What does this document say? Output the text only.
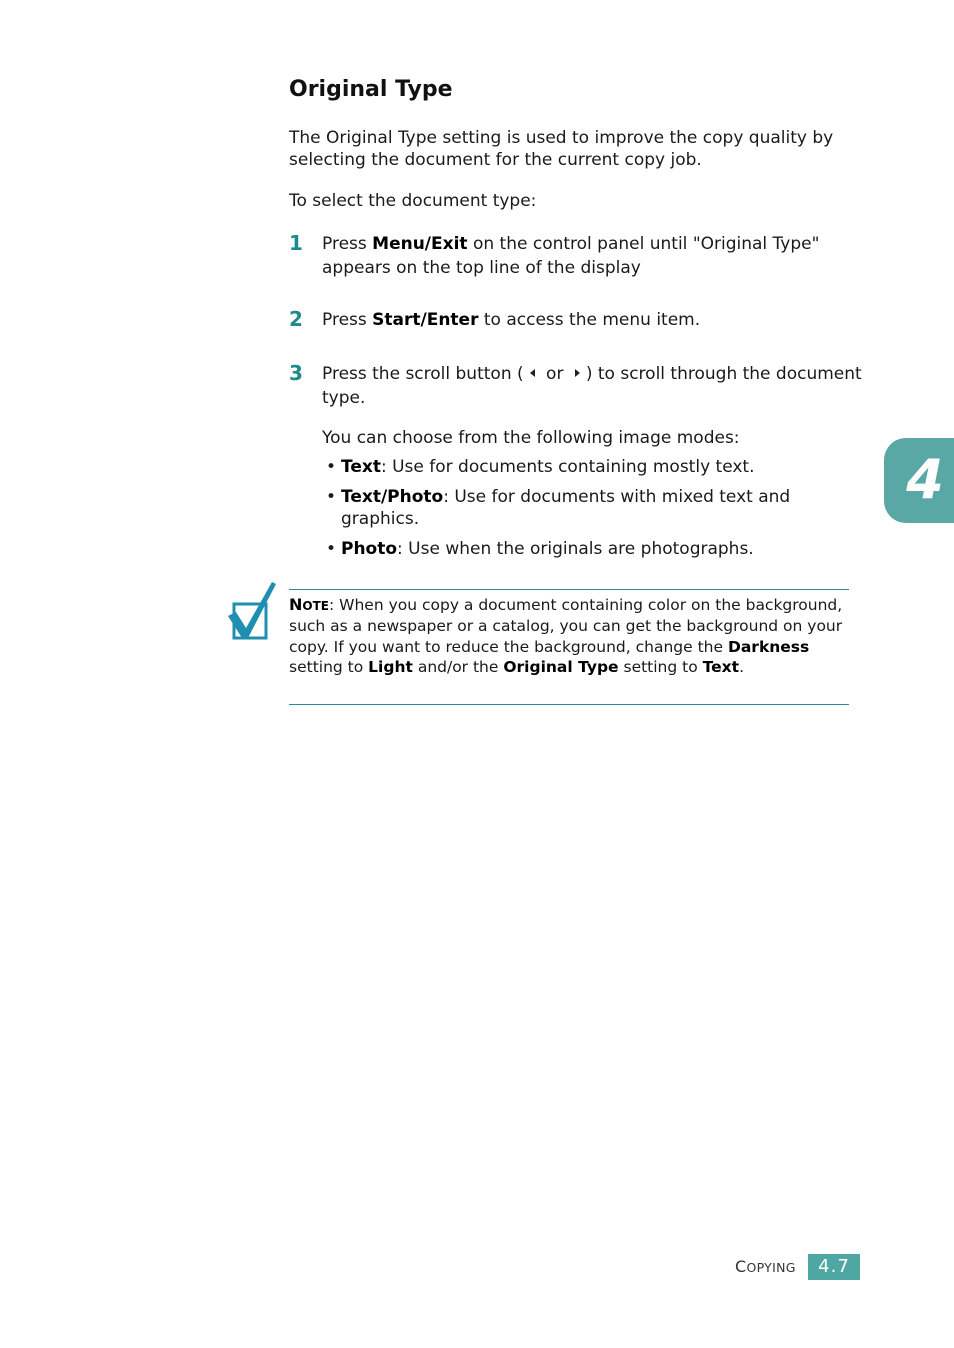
Original Type
The Original Type setting is used to improve the copy quality by selecting the document for the current copy job.
To select the document type:
1 Press Menu/Exit on the control panel until "Original Type" appears on the top line of the display
2 Press Start/Enter to access the menu item.
3 Press the scroll button ( or ) to scroll through the document type.
You can choose from the following image modes:
• Text: Use for documents containing mostly text.
• Text/Photo: Use for documents with mixed text and graphics.
• Photo: Use when the originals are photographs.
NOTE: When you copy a document containing color on the background, such as a newspaper or a catalog, you can get the background on your copy. If you want to reduce the background, change the Darkness setting to Light and/or the Original Type setting to Text.
4
COPYING	4.7
